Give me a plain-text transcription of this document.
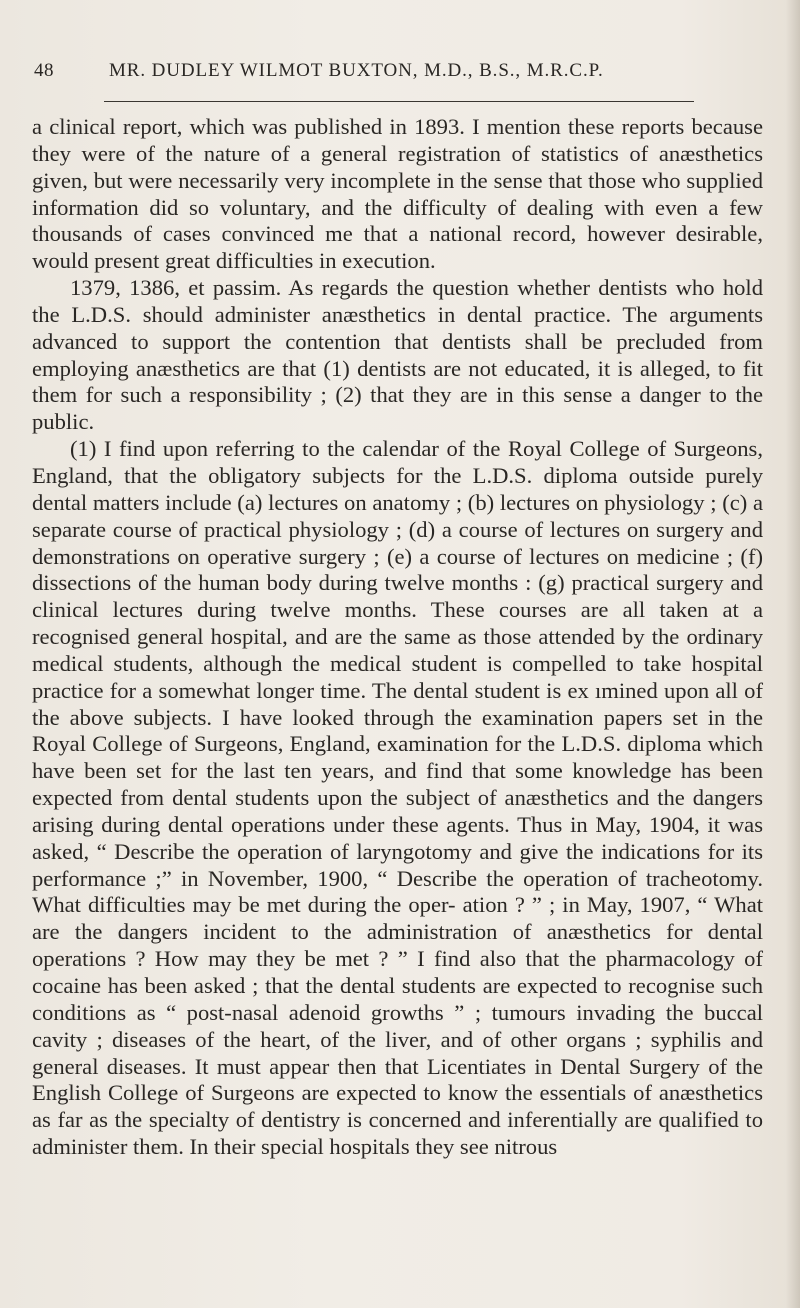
48	MR. DUDLEY WILMOT BUXTON, M.D., B.S., M.R.C.P.

a clinical report, which was published in 1893. I mention these reports because they were of the nature of a general registration of statistics of anæsthetics given, but were necessarily very incomplete in the sense that those who supplied information did so voluntary, and the difficulty of dealing with even a few thousands of cases convinced me that a national record, however desirable, would present great difficulties in execution.

1379, 1386, et passim. As regards the question whether dentists who hold the L.D.S. should administer anæsthetics in dental practice. The arguments advanced to support the contention that dentists shall be precluded from employing anæsthetics are that (1) dentists are not educated, it is alleged, to fit them for such a responsibility ; (2) that they are in this sense a danger to the public.

(1) I find upon referring to the calendar of the Royal College of Surgeons, England, that the obligatory subjects for the L.D.S. diploma outside purely dental matters include (a) lectures on anatomy ; (b) lectures on physiology ; (c) a separate course of practical physiology ; (d) a course of lectures on surgery and demonstrations on operative surgery ; (e) a course of lectures on medicine ; (f) dissections of the human body during twelve months : (g) practical surgery and clinical lectures during twelve months. These courses are all taken at a recognised general hospital, and are the same as those attended by the ordinary medical students, although the medical student is compelled to take hospital practice for a somewhat longer time. The dental student is ex ımined upon all of the above subjects. I have looked through the examination papers set in the Royal College of Surgeons, England, examination for the L.D.S. diploma which have been set for the last ten years, and find that some knowledge has been expected from dental students upon the subject of anæsthetics and the dangers arising during dental operations under these agents. Thus in May, 1904, it was asked, “ Describe the operation of laryngotomy and give the indications for its performance ;” in November, 1900, “ Describe the operation of tracheotomy. What difficulties may be met during the oper- ation ? ” ; in May, 1907, “ What are the dangers incident to the administration of anæsthetics for dental operations ? How may they be met ? ” I find also that the pharmacology of cocaine has been asked ; that the dental students are expected to recognise such conditions as “ post-nasal adenoid growths ” ; tumours invading the buccal cavity ; diseases of the heart, of the liver, and of other organs ; syphilis and general diseases. It must appear then that Licentiates in Dental Surgery of the English College of Surgeons are expected to know the essentials of anæsthetics as far as the specialty of dentistry is concerned and inferentially are qualified to administer them. In their special hospitals they see nitrous
